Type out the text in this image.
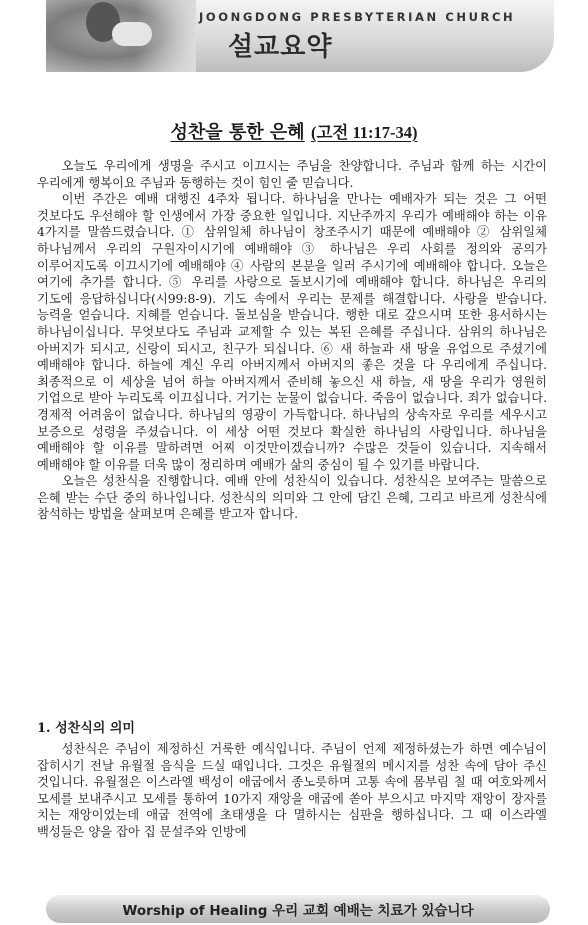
JOONGDONG PRESBYTERIAN CHURCH
설교요약
성찬을 통한 은혜 (고전 11:17-34)

오늘도 우리에게 생명을 주시고 이끄시는 주님을 찬양합니다. 주님과 함께 하는 시간이 우리에게 행복이요 주님과 동행하는 것이 힘인 줄 믿습니다.

이번 주간은 예배 대행진 4주차 됩니다. 하나님을 만나는 예배자가 되는 것은 그 어떤 것보다도 우선해야 할 인생에서 가장 중요한 일입니다. 지난주까지 우리가 예배해야 하는 이유 4가지를 말씀드렸습니다. ① 삼위일체 하나님이 창조주시기 때문에 예배해야 ② 삼위일체 하나님께서 우리의 구원자이시기에 예배해야 ③ 하나님은 우리 사회를 정의와 공의가 이루어지도록 이끄시기에 예배해야 ④ 사람의 본분을 일러 주시기에 예배해야 합니다. 오늘은 여기에 추가를 합니다. ⑤ 우리를 사랑으로 돌보시기에 예배해야 합니다. 하나님은 우리의 기도에 응답하십니다(시99:8-9). 기도 속에서 우리는 문제를 해결합니다. 사랑을 받습니다. 능력을 얻습니다. 지혜를 얻습니다. 돌보심을 받습니다. 행한 대로 갚으시며 또한 용서하시는 하나님이십니다. 무엇보다도 주님과 교제할 수 있는 복된 은혜를 주십니다. 삼위의 하나님은 아버지가 되시고, 신랑이 되시고, 친구가 되십니다. ⑥ 새 하늘과 새 땅을 유업으로 주셨기에 예배해야 합니다. 하늘에 계신 우리 아버지께서 아버지의 좋은 것을 다 우리에게 주십니다. 최종적으로 이 세상을 넘어 하늘 아버지께서 준비해 놓으신 새 하늘, 새 땅을 우리가 영원히 기업으로 받아 누리도록 이끄십니다. 거기는 눈물이 없습니다. 죽음이 없습니다. 죄가 없습니다. 경제적 어려움이 없습니다. 하나님의 영광이 가득합니다. 하나님의 상속자로 우리를 세우시고 보증으로 성령을 주셨습니다. 이 세상 어떤 것보다 확실한 하나님의 사랑입니다. 하나님을 예배해야 할 이유를 말하려면 어찌 이것만이겠습니까? 수많은 것들이 있습니다. 지속해서 예배해야 할 이유를 더욱 많이 정리하며 예배가 삶의 중심이 될 수 있기를 바랍니다.

오늘은 성찬식을 진행합니다. 예배 안에 성찬식이 있습니다. 성찬식은 보여주는 말씀으로 은혜 받는 수단 중의 하나입니다. 성찬식의 의미와 그 안에 담긴 은혜, 그리고 바르게 성찬식에 참석하는 방법을 살펴보며 은혜를 받고자 합니다.

1. 성찬식의 의미

성찬식은 주님이 제정하신 거룩한 예식입니다. 주님이 언제 제정하셨는가 하면 예수님이 잡히시기 전날 유월절 음식을 드실 때입니다. 그것은 유월절의 메시지를 성찬 속에 담아 주신 것입니다. 유월절은 이스라엘 백성이 애굽에서 종노릇하며 고통 속에 몸부림 칠 때 여호와께서 모세를 보내주시고 모세를 통하여 10가지 재앙을 애굽에 쏟아 부으시고 마지막 재앙이 장자를 치는 재앙이었는데 애굽 전역에 초태생을 다 멸하시는 심판을 행하십니다. 그 때 이스라엘 백성들은 양을 잡아 집 문설주와 인방에

Worship of Healing 우리 교회 예배는 치료가 있습니다
